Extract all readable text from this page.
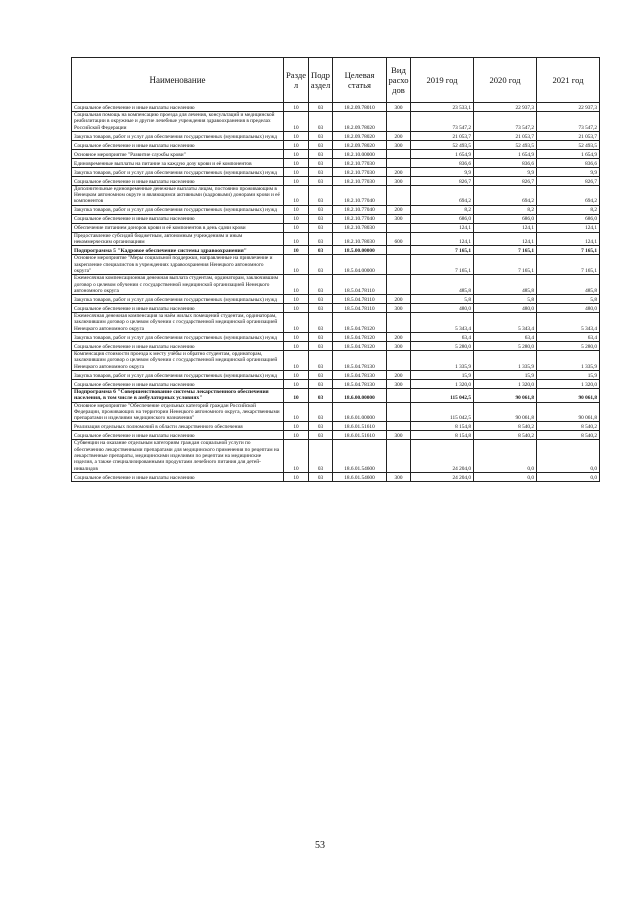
Наименование	Разде л	Подр аздел	Целевая статья	Вид расхо дов	2019 год	2020 год	2021 год
Социальное обеспечение и иные выплаты населению	10	03	18.2.09.78010	300	23 533,1	22 937,3	22 937,3
Социальная помощь на компенсацию проезда для лечения, консультаций и медицинской реабилитации в окружные и другие лечебные учреждения здравоохранения в пределах Российской Федерации	10	03	18.2.09.78020		73 547,2	73 547,2	73 547,2
Закупка товаров, работ и услуг для обеспечения государственных (муниципальных) нужд	10	03	18.2.09.78020	200	21 053,7	21 053,7	21 053,7
Социальное обеспечение и иные выплаты населению	10	03	18.2.09.78020	300	52 493,5	52 493,5	52 493,5
Основное мероприятие "Развитие службы крови"	10	03	18.2.10.00000		1 654,9	1 654,9	1 654,9
Единовременные выплаты на питание за каждую дозу крови и её компонентов	10	03	18.2.10.77030		836,6	836,6	836,6
Закупка товаров, работ и услуг для обеспечения государственных (муниципальных) нужд	10	03	18.2.10.77030	200	9,9	9,9	9,9
Социальное обеспечение и иные выплаты населению	10	03	18.2.10.77030	300	826,7	826,7	826,7
Дополнительные единовременные денежные выплаты лицам, постоянно проживающим в Ненецком автономном округе и являющимся активными (кадровыми) донорами крови и её компонентов	10	03	18.2.10.77040		694,2	694,2	694,2
Закупка товаров, работ и услуг для обеспечения государственных (муниципальных) нужд	10	03	18.2.10.77040	200	8,2	8,2	8,2
Социальное обеспечение и иные выплаты населению	10	03	18.2.10.77040	300	686,0	686,0	686,0
Обеспечение питанием доноров крови и её компонентов в день сдачи крови	10	03	18.2.10.78030		124,1	124,1	124,1
Предоставление субсидий бюджетным, автономным учреждениям и иным некоммерческим организациям	10	03	18.2.10.78030	600	124,1	124,1	124,1
Подпрограмма 5 "Кадровое обеспечение системы здравоохранения"	10	03	18.5.00.00000		7 165,1	7 165,1	7 165,1
Основное мероприятие "Меры социальной поддержки, направленные на привлечение и закрепление специалистов в учреждениях здравоохранения Ненецкого автономного округа"	10	03	18.5.04.00000		7 165,1	7 165,1	7 165,1
Ежемесячная компенсационная денежная выплата студентам, ординаторам, заключившим договор о целевом обучении с государственной медицинской организацией Ненецкого автономного округа	10	03	18.5.04.78110		485,8	485,8	485,8
Закупка товаров, работ и услуг для обеспечения государственных (муниципальных) нужд	10	03	18.5.04.78110	200	5,8	5,8	5,8
Социальное обеспечение и иные выплаты населению	10	03	18.5.04.78110	300	480,0	480,0	480,0
Ежемесячная денежная компенсация за наём жилых помещений студентам, ординаторам, заключившим договор о целевом обучении с государственной медицинской организацией Ненецкого автономного округа	10	03	18.5.04.78120		5 343,4	5 343,4	5 343,4
Закупка товаров, работ и услуг для обеспечения государственных (муниципальных) нужд	10	03	18.5.04.78120	200	63,4	63,4	63,4
Социальное обеспечение и иные выплаты населению	10	03	18.5.04.78120	300	5 280,0	5 280,0	5 280,0
Компенсация стоимости проезда к месту учёбы и обратно студентам, ординаторам, заключившим договор о целевом обучении с государственной медицинской организацией Ненецкого автономного округа	10	03	18.5.04.78130		1 335,9	1 335,9	1 335,9
Закупка товаров, работ и услуг для обеспечения государственных (муниципальных) нужд	10	03	18.5.04.78130	200	15,9	15,9	15,9
Социальное обеспечение и иные выплаты населению	10	03	18.5.04.78130	300	1 320,0	1 320,0	1 320,0
Подпрограмма 6 "Совершенствование системы лекарственного обеспечения населения, в том числе в амбулаторных условиях"	10	03	18.6.00.00000		115 042,5	90 061,8	90 061,8
Основное мероприятие "Обеспечение отдельных категорий граждан Российской Федерации, проживающих на территории Ненецкого автономного округа, лекарственными препаратами и изделиями медицинского назначения"	10	03	18.6.01.00000		115 042,5	90 061,8	90 061,8
Реализация отдельных полномочий в области лекарственного обеспечения	10	03	18.6.01.51610		8 154,8	8 540,2	8 540,2
Социальное обеспечение и иные выплаты населению	10	03	18.6.01.51610	300	8 154,8	8 540,2	8 540,2
Субвенции на оказание отдельным категориям граждан социальной услуги по обеспечению лекарственными препаратами для медицинского применения по рецептам на лекарственные препараты, медицинскими изделиями по рецептам на медицинские изделия, а также специализированными продуктами лечебного питания для детей-инвалидов	10	03	18.6.01.54600		24 204,0	0,0	0,0
Социальное обеспечение и иные выплаты населению	10	03	18.6.01.54600	300	24 204,0	0,0	0,0
53
